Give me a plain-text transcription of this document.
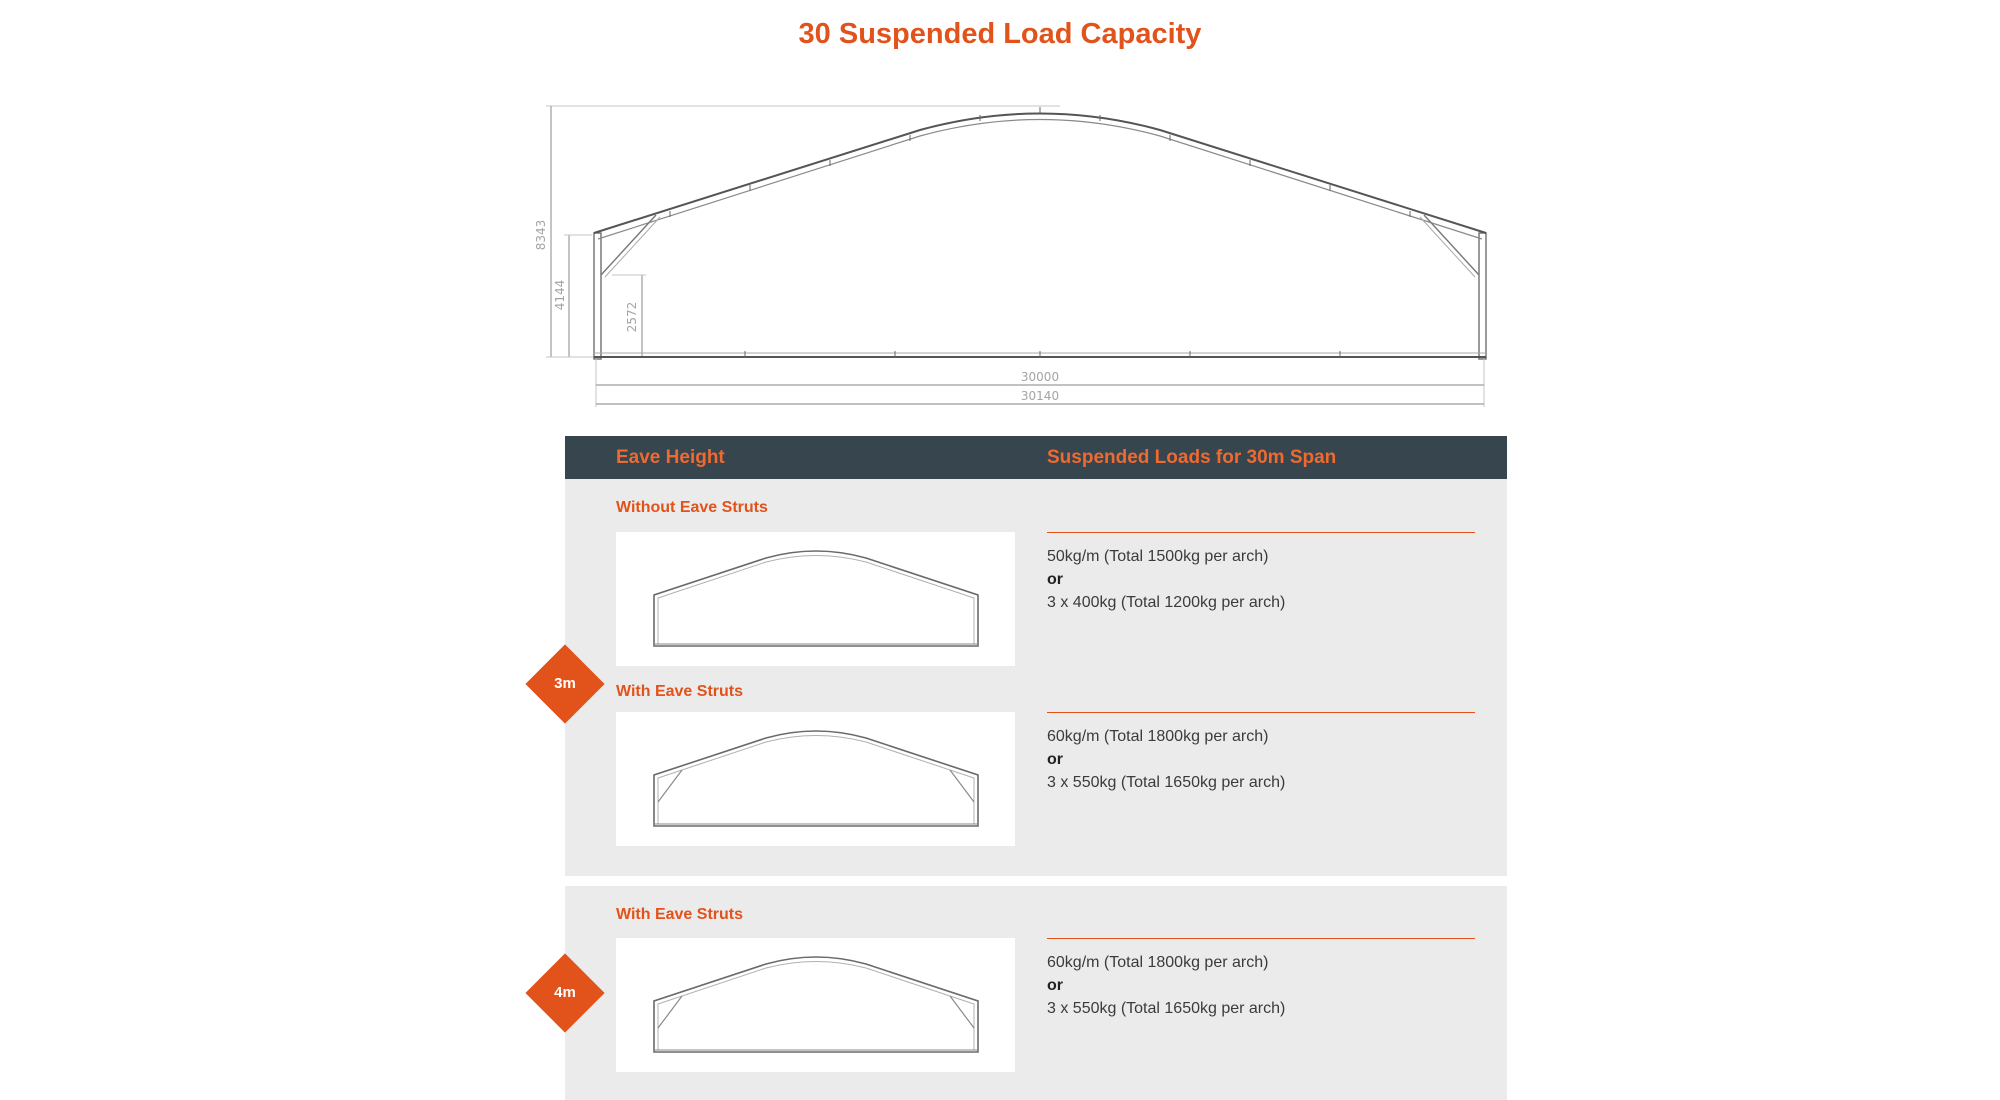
30 Suspended Load Capacity
8343
4144
2572
30000
30140
Eave Height	Suspended Loads for 30m Span
Without Eave Struts
50kg/m (Total 1500kg per arch)
or
3 x 400kg (Total 1200kg per arch)
With Eave Struts
60kg/m (Total 1800kg per arch)
or
3 x 550kg (Total 1650kg per arch)
With Eave Struts
60kg/m (Total 1800kg per arch)
or
3 x 550kg (Total 1650kg per arch)
3m
4m
